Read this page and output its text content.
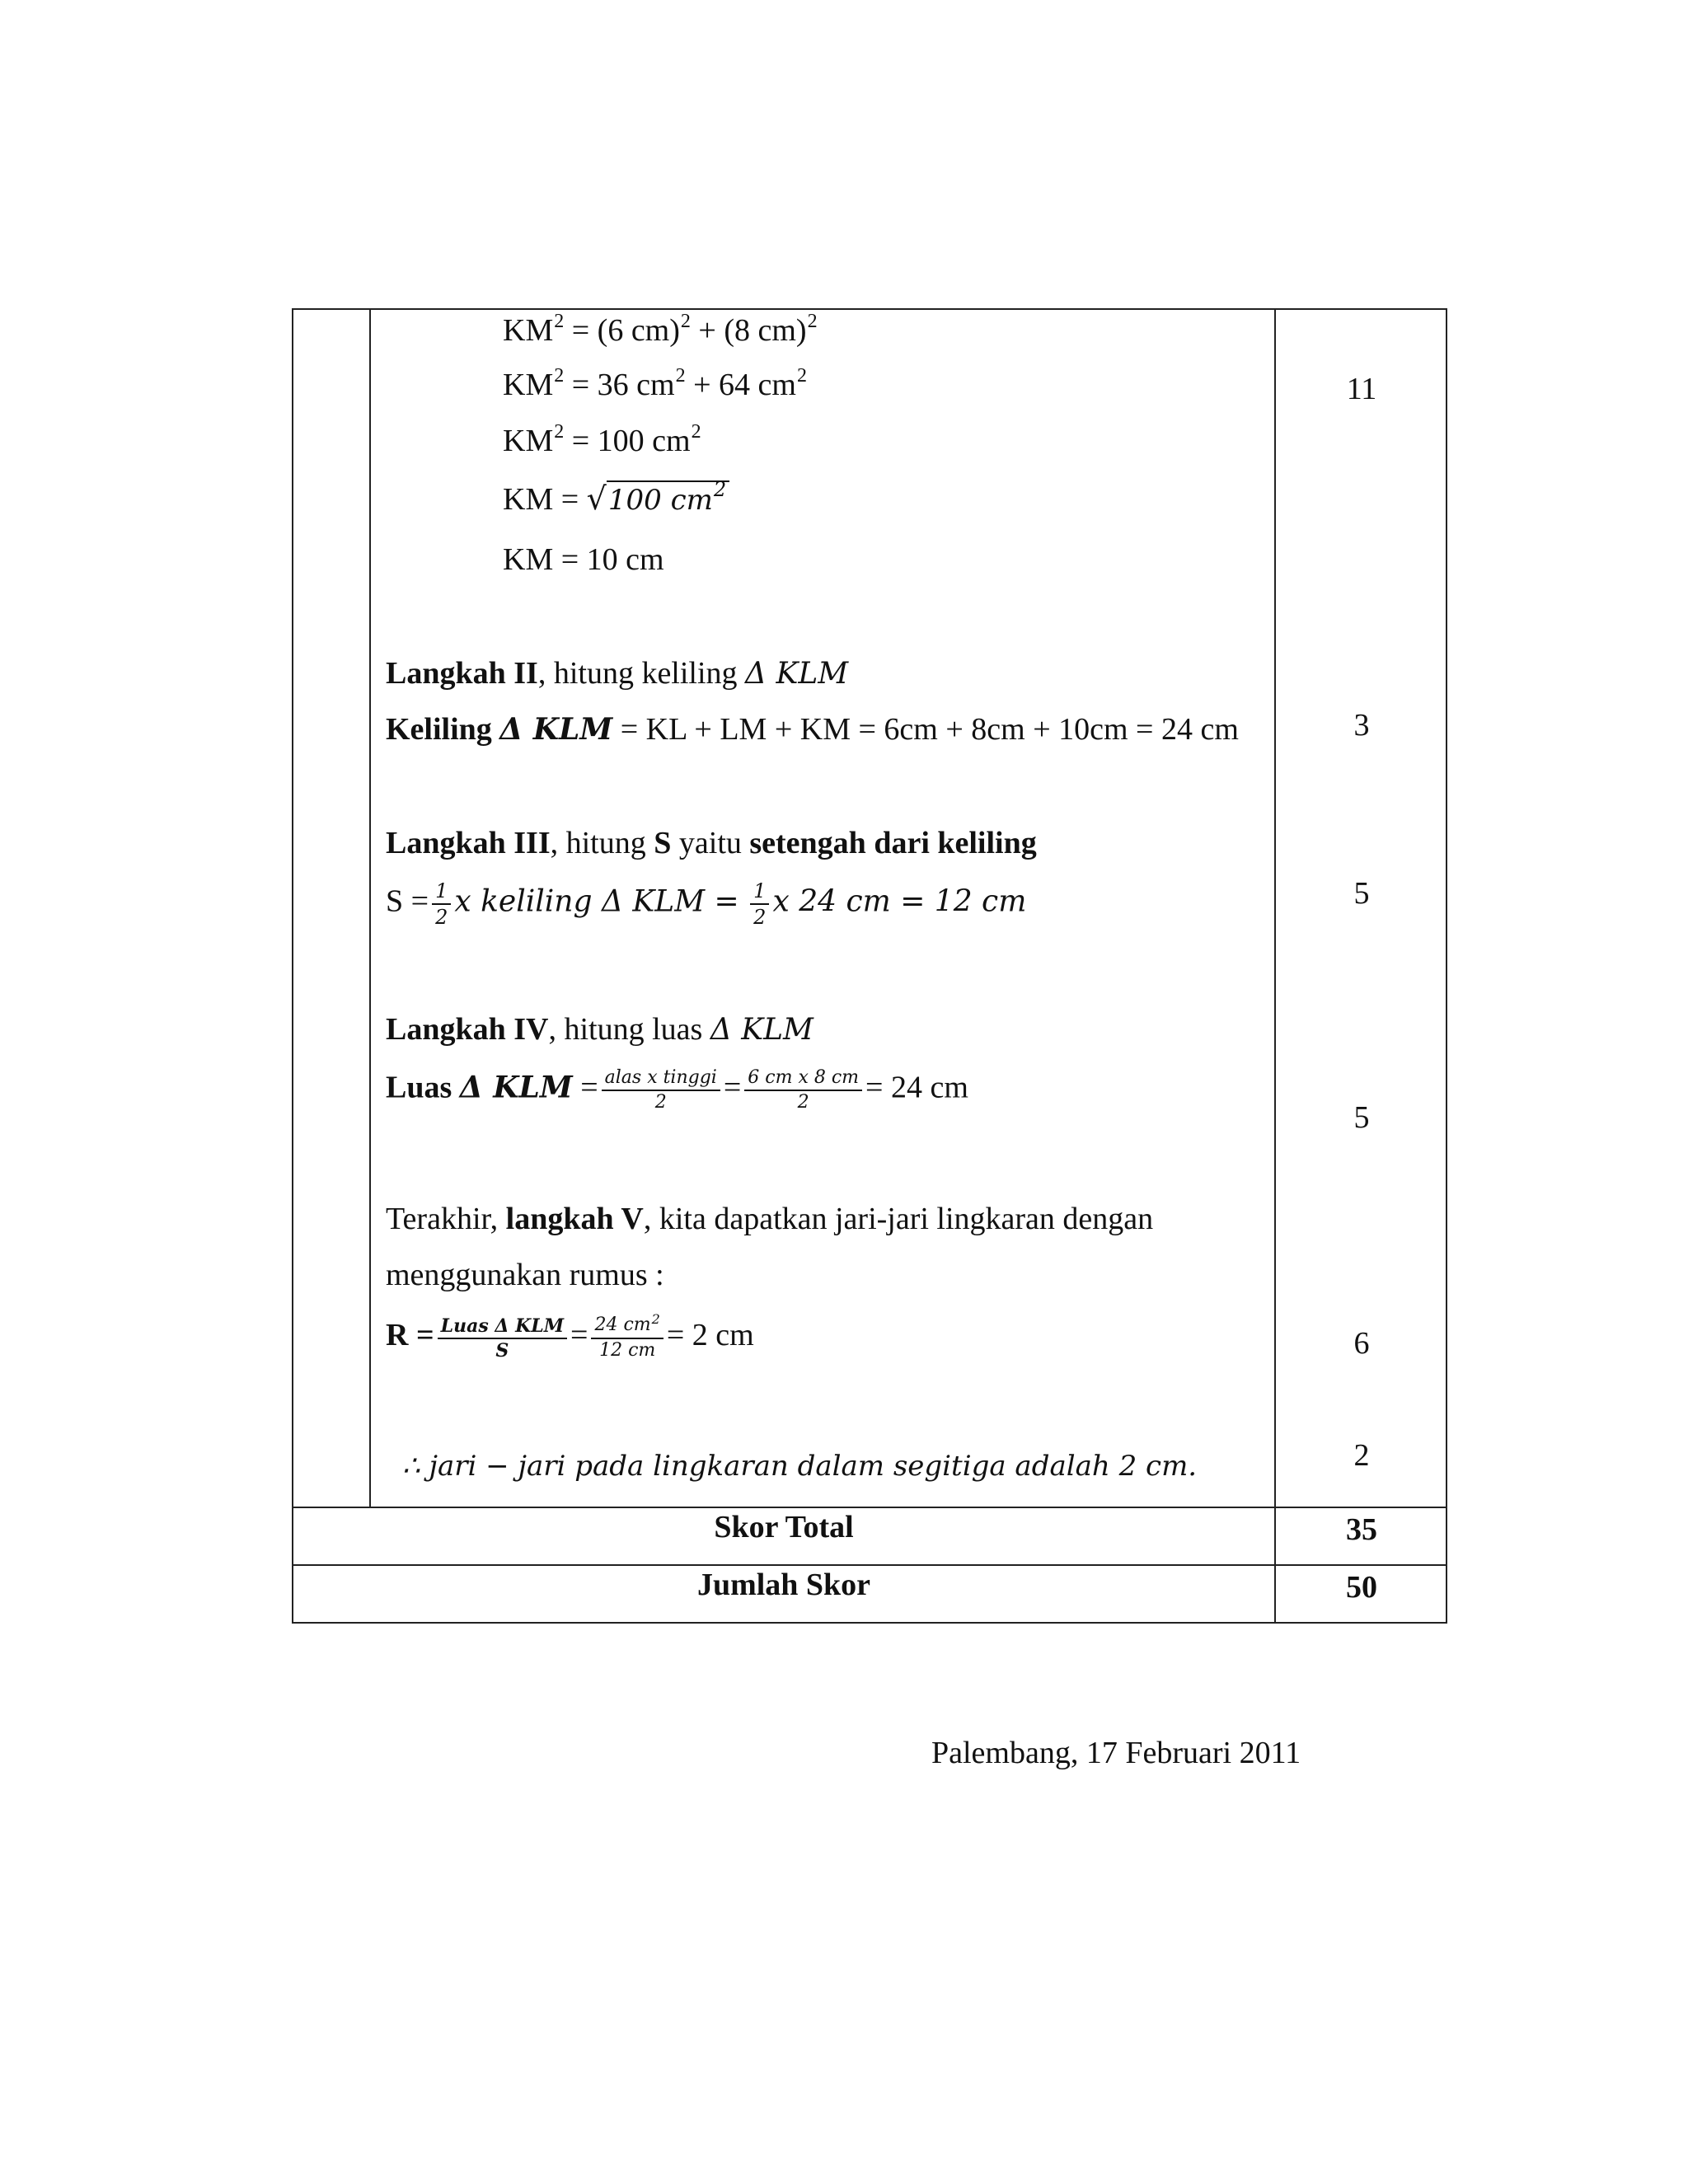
$KM^2 = (6$ cm)$^2$ + (8 cm)$^2$
$KM^2 = 36$ $cm^2 + 64$ $cm^2$
$KM^2 = 100$ $cm^2$
KM = √100 $cm^2$
KM = 10 cm
Langkah II, hitung keliling Δ KLM
Keliling Δ KLM = KL + LM + KM = 6cm + 8cm + 10cm = 24 cm
Langkah III, hitung S yaitu setengah dari keliling
$S = \frac{1}{2}$ x keliling Δ KLM = $\frac{1}{2}$ x 24 cm = 12 cm
Langkah IV, hitung luas Δ KLM
Luas Δ KLM = $\frac{\text{alas x tinggi}}{2} = \frac{\text{6 cm x 8 cm}}{2} = 24$ cm
Terakhir, langkah V, kita dapatkan jari-jari lingkaran dengan
menggunakan rumus :
$R = \frac{\text{Luas Δ KLM}}{S} = \frac{24 cm^2}{12 cm} = 2$ cm
∴ jari − jari pada lingkaran dalam segitiga adalah 2 cm.
11
3
5
5
6
2
Skor Total	35
Jumlah Skor	50
Palembang, 17 Februari 2011
